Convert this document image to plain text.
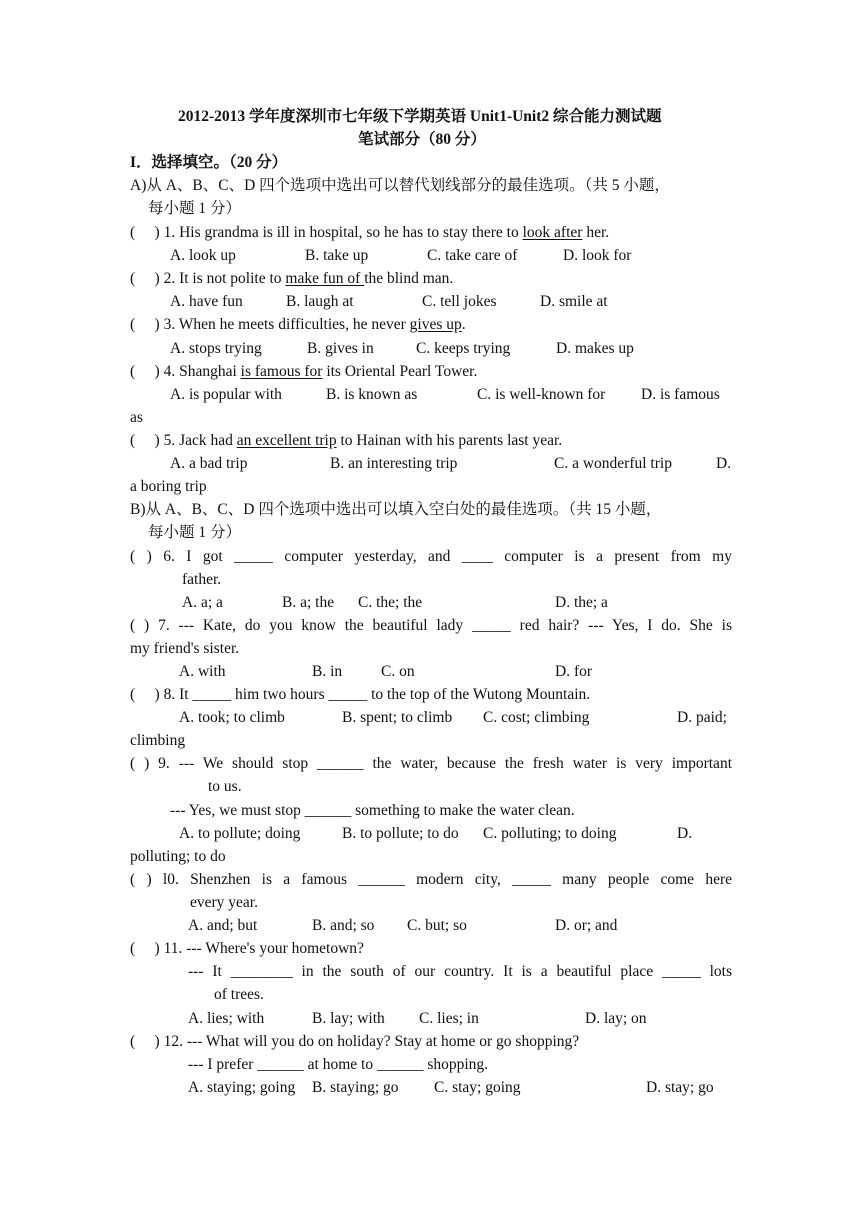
2012-2013 学年度深圳市七年级下学期英语 Unit1-Unit2 综合能力测试题
笔试部分（80 分）
I．选择填空。（20 分）
A)从 A、B、C、D 四个选项中选出可以替代划线部分的最佳选项。（共 5 小题，
每小题 1 分）
(     ) 1. His grandma is ill in hospital, so he has to stay there to look after her.
A. look up	B. take up	C. take care of	D. look for
(     ) 2. It is not polite to make fun of the blind man.
A. have fun	B. laugh at	C. tell jokes	D. smile at
(     ) 3. When he meets difficulties, he never gives up.
A. stops trying	B. gives in	C. keeps trying	D. makes up
(     ) 4. Shanghai is famous for its Oriental Pearl Tower.
A. is popular with	B. is known as	C. is well-known for D. is famous
as
(     ) 5. Jack had an excellent trip to Hainan with his parents last year.
A. a bad trip	B. an interesting trip	C. a wonderful trip	D.
a boring trip
B)从 A、B、C、D 四个选项中选出可以填入空白处的最佳选项。（共 15 小题，
每小题 1 分）
( ) 6. I got _____ computer yesterday, and ____ computer is a present from my
father.
A. a; a	B. a; the C. the; the	D. the; a
( ) 7. --- Kate, do you know the beautiful lady _____ red hair? --- Yes, I do. She is
my friend's sister.
A. with	B. in	C. on	D. for
(     ) 8. It _____ him two hours _____ to the top of the Wutong Mountain.
A. took; to climb	B. spent; to climb C. cost; climbing	D. paid;
climbing
( ) 9. --- We should stop ______ the water, because the fresh water is very important
to us.
--- Yes, we must stop ______ something to make the water clean.
A. to pollute; doing	B. to pollute; to do C. polluting; to doing	D.
polluting; to do
( ) l0. Shenzhen is a famous ______ modern city, _____ many people come here
every year.
A. and; but	B. and; so C. but; so	D. or; and
(     ) 11. --- Where's your hometown?
--- It ________ in the south of our country. It is a beautiful place _____ lots
of trees.
A. lies; with	B. lay; with C. lies; in	D. lay; on
(     ) 12. --- What will you do on holiday? Stay at home or go shopping?
--- I prefer ______ at home to ______ shopping.
A. staying; going B. staying; go C. stay; going	D. stay; go
